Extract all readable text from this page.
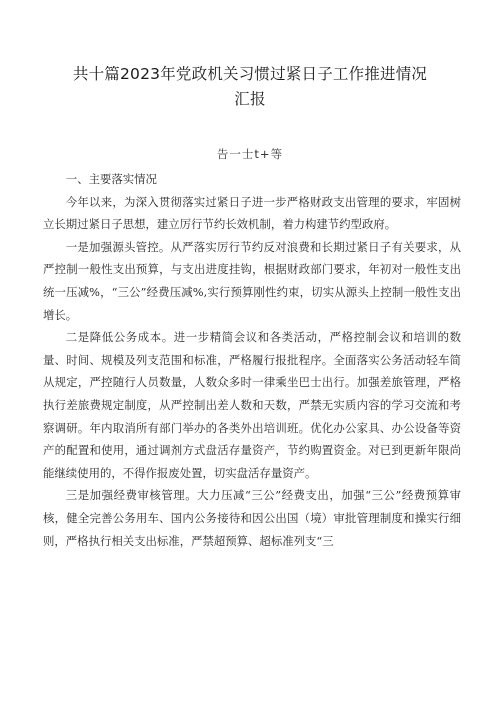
共十篇2023年党政机关习惯过紧日子工作推进情况
汇报
告一士t+等

一、主要落实情况

今年以来，为深入贯彻落实过紧日子进一步严格财政支出管理的要求，牢固树立长期过紧日子思想，建立厉行节约长效机制，着力构建节约型政府。

一是加强源头管控。从严落实厉行节约反对浪费和长期过紧日子有关要求，从严控制一般性支出预算，与支出进度挂钩，根据财政部门要求，年初对一般性支出统一压减%，“三公”经费压减%,实行预算刚性约束，切实从源头上控制一般性支出增长。

二是降低公务成本。进一步精简会议和各类活动，严格控制会议和培训的数量、时间、规模及列支范围和标准，严格履行报批程序。全面落实公务活动轻车简从规定，严控随行人员数量，人数众多时一律乘坐巴士出行。加强差旅管理，严格执行差旅费规定制度，从严控制出差人数和天数，严禁无实质内容的学习交流和考察调研。年内取消所有部门举办的各类外出培训班。优化办公家具、办公设备等资产的配置和使用，通过调剂方式盘活存量资产，节约购置资金。对已到更新年限尚能继续使用的，不得作报废处置，切实盘活存量资产。

三是加强经费审核管理。大力压减“三公”经费支出，加强“三公”经费预算审核，健全完善公务用车、国内公务接待和因公出国（境）审批管理制度和操实行细则，严格执行相关支出标准，严禁超预算、超标准列支“三
